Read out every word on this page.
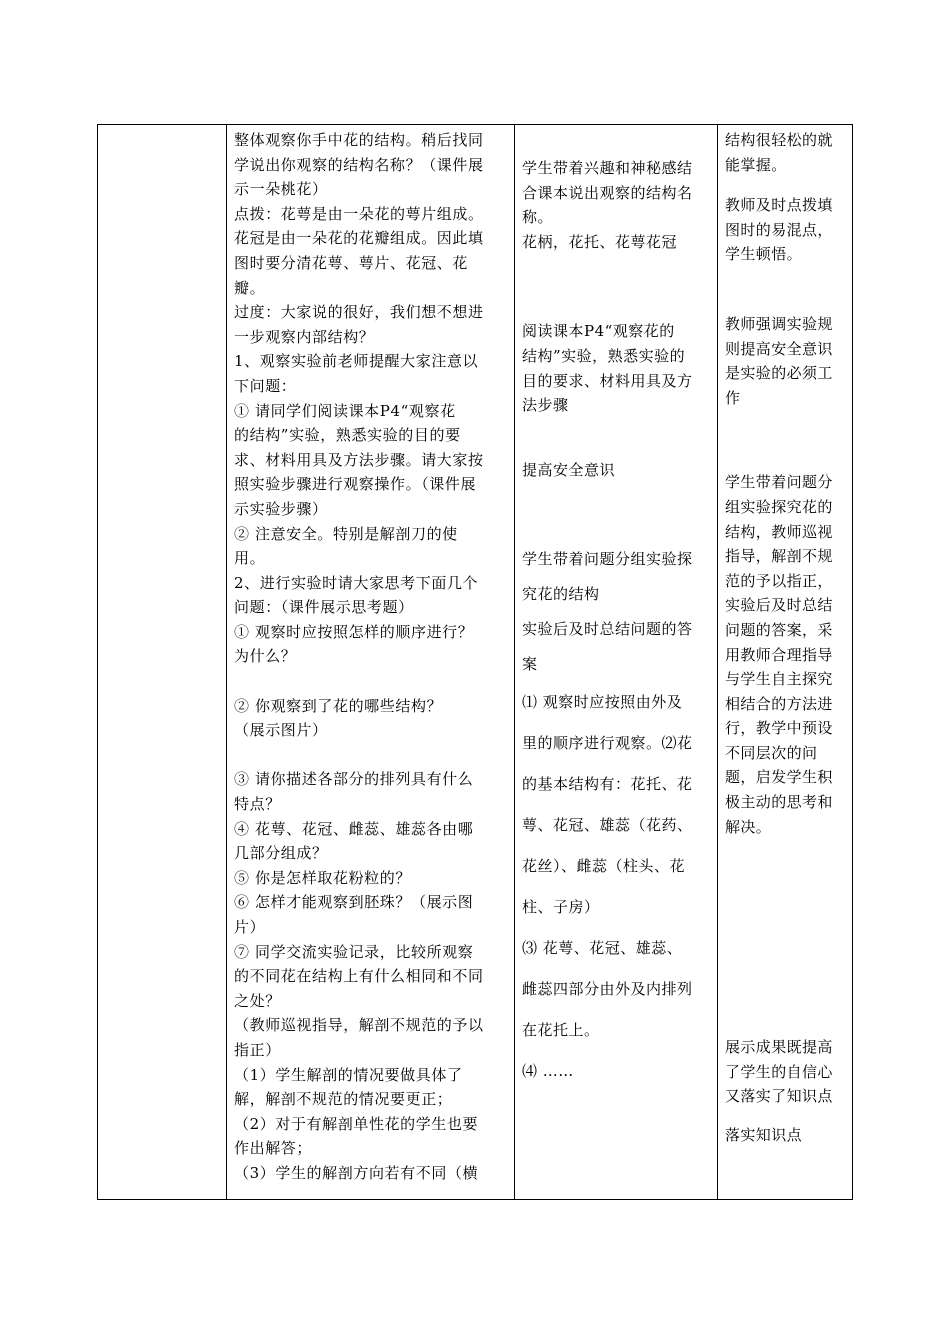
整体观察你手中花的结构。稍后找同
学说出你观察的结构名称？（课件展
示一朵桃花）
点拨：花萼是由一朵花的萼片组成。
花冠是由一朵花的花瓣组成。因此填
图时要分清花萼、萼片、花冠、花
瓣。
过度：大家说的很好，我们想不想进
一步观察内部结构？
1、观察实验前老师提醒大家注意以
下问题：
① 请同学们阅读课本P4“观察花
的结构”实验，熟悉实验的目的要
求、材料用具及方法步骤。请大家按
照实验步骤进行观察操作。（课件展
示实验步骤）
② 注意安全。特别是解剖刀的使
用。
2、进行实验时请大家思考下面几个
问题：（课件展示思考题）
① 观察时应按照怎样的顺序进行？
为什么？

② 你观察到了花的哪些结构？
（展示图片）

③ 请你描述各部分的排列具有什么
特点？
④ 花萼、花冠、雌蕊、雄蕊各由哪
几部分组成？
⑤ 你是怎样取花粉粒的？
⑥ 怎样才能观察到胚珠？（展示图
片）
⑦ 同学交流实验记录，比较所观察
的不同花在结构上有什么相同和不同
之处？
（教师巡视指导，解剖不规范的予以
指正）
（1）学生解剖的情况要做具体了
解，解剖不规范的情况要更正；
（2）对于有解剖单性花的学生也要
作出解答；
（3）学生的解剖方向若有不同（横
学生带着兴趣和神秘感结
合课本说出观察的结构名
称。
花柄，花托、花萼花冠
阅读课本P4“观察花的
结构”实验，熟悉实验的
目的要求、材料用具及方
法步骤
提高安全意识
学生带着问题分组实验探
究花的结构
实验后及时总结问题的答
案
⑴ 观察时应按照由外及
里的顺序进行观察。⑵花
的基本结构有：花托、花
萼、花冠、雄蕊（花药、
花丝）、雌蕊（柱头、花
柱、子房）
⑶ 花萼、花冠、雄蕊、
雌蕊四部分由外及内排列
在花托上。
⑷ ……
结构很轻松的就
能掌握。
教师及时点拨填
图时的易混点，
学生顿悟。
教师强调实验规
则提高安全意识
是实验的必须工
作
学生带着问题分
组实验探究花的
结构，教师巡视
指导，解剖不规
范的予以指正，
实验后及时总结
问题的答案，采
用教师合理指导
与学生自主探究
相结合的方法进
行，教学中预设
不同层次的问
题，启发学生积
极主动的思考和
解决。
展示成果既提高
了学生的自信心
又落实了知识点
落实知识点
